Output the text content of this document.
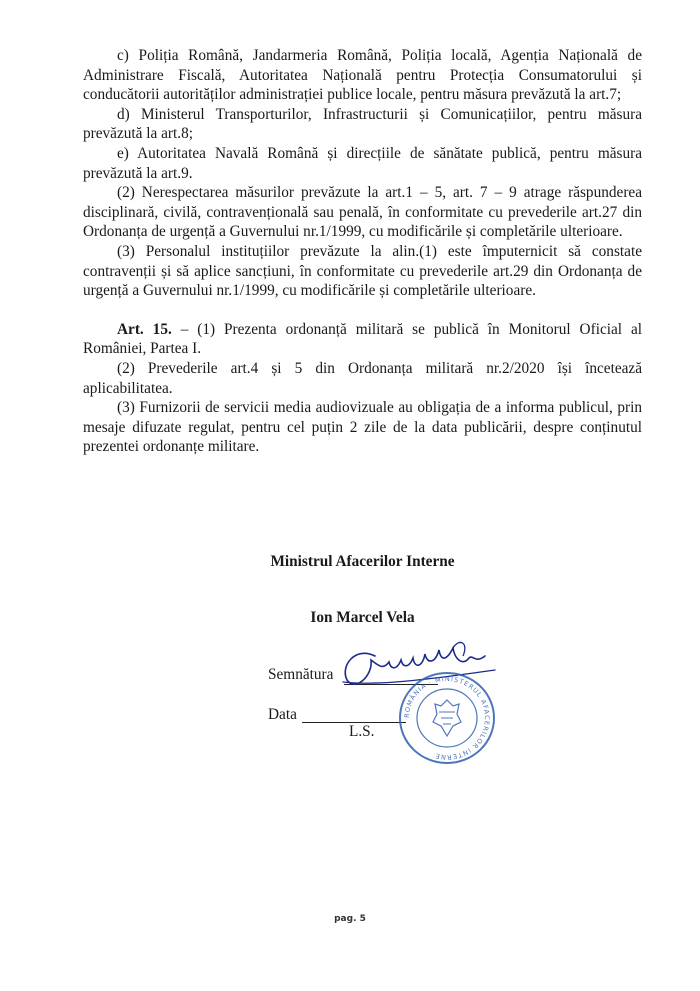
c) Poliția Română, Jandarmeria Română, Poliția locală, Agenția Națională de Administrare Fiscală, Autoritatea Națională pentru Protecția Consumatorului și conducătorii autorităților administrației publice locale, pentru măsura prevăzută la art.7;

d) Ministerul Transporturilor, Infrastructurii și Comunicațiilor, pentru măsura prevăzută la art.8;

e) Autoritatea Navală Română și direcțiile de sănătate publică, pentru măsura prevăzută la art.9.

(2) Nerespectarea măsurilor prevăzute la art.1 – 5, art. 7 – 9 atrage răspunderea disciplinară, civilă, contravențională sau penală, în conformitate cu prevederile art.27 din Ordonanța de urgență a Guvernului nr.1/1999, cu modificările și completările ulterioare.

(3) Personalul instituțiilor prevăzute la alin.(1) este împuternicit să constate contravenții și să aplice sancțiuni, în conformitate cu prevederile art.29 din Ordonanța de urgență a Guvernului nr.1/1999, cu modificările și completările ulterioare.

Art. 15. – (1) Prezenta ordonanță militară se publică în Monitorul Oficial al României, Partea I.

(2) Prevederile art.4 și 5 din Ordonanța militară nr.2/2020 își încetează aplicabilitatea.

(3) Furnizorii de servicii media audiovizuale au obligația de a informa publicul, prin mesaje difuzate regulat, pentru cel puțin 2 zile de la data publicării, despre conținutul prezentei ordonanțe militare.

Ministrul Afacerilor Interne
Ion Marcel Vela
Semnătura
Data
L.S.
ROMÂNIA · MINISTERUL AFACERILOR INTERNE
pag. 5
